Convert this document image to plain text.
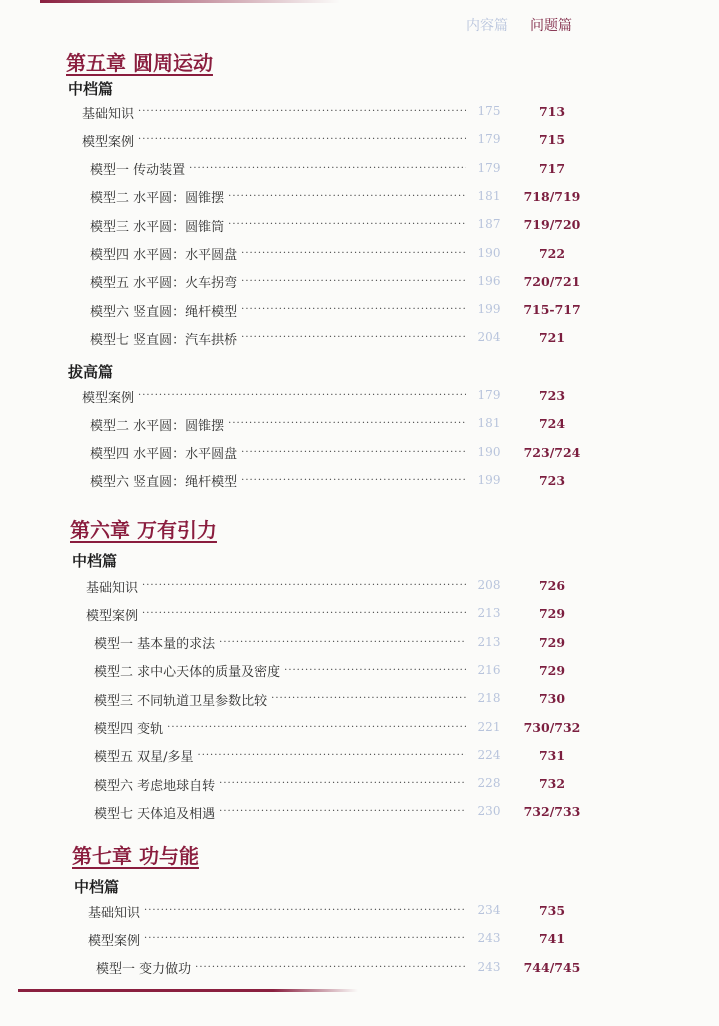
内容篇 问题篇
第五章 圆周运动
中档篇
基础知识 ·····	175	713
模型案例 ·····	179	715
模型一 传动装置 ·····	179	717
模型二 水平圆：圆锥摆 ·····	181	718/719
模型三 水平圆：圆锥筒 ·····	187	719/720
模型四 水平圆：水平圆盘 ·····	190	722
模型五 水平圆：火车拐弯 ·····	196	720/721
模型六 竖直圆：绳杆模型 ·····	199	715-717
模型七 竖直圆：汽车拱桥 ·····	204	721
拔高篇
模型案例 ·····	179	723
模型二 水平圆：圆锥摆 ·····	181	724
模型四 水平圆：水平圆盘 ·····	190	723/724
模型六 竖直圆：绳杆模型 ·····	199	723
第六章 万有引力
中档篇
基础知识 ·····	208	726
模型案例 ·····	213	729
模型一 基本量的求法 ·····	213	729
模型二 求中心天体的质量及密度 ·····	216	729
模型三 不同轨道卫星参数比较 ·····	218	730
模型四 变轨 ·····	221	730/732
模型五 双星/多星 ·····	224	731
模型六 考虑地球自转 ·····	228	732
模型七 天体追及相遇 ·····	230	732/733
第七章 功与能
中档篇
基础知识 ·····	234	735
模型案例 ·····	243	741
模型一 变力做功 ·····	243	744/745
